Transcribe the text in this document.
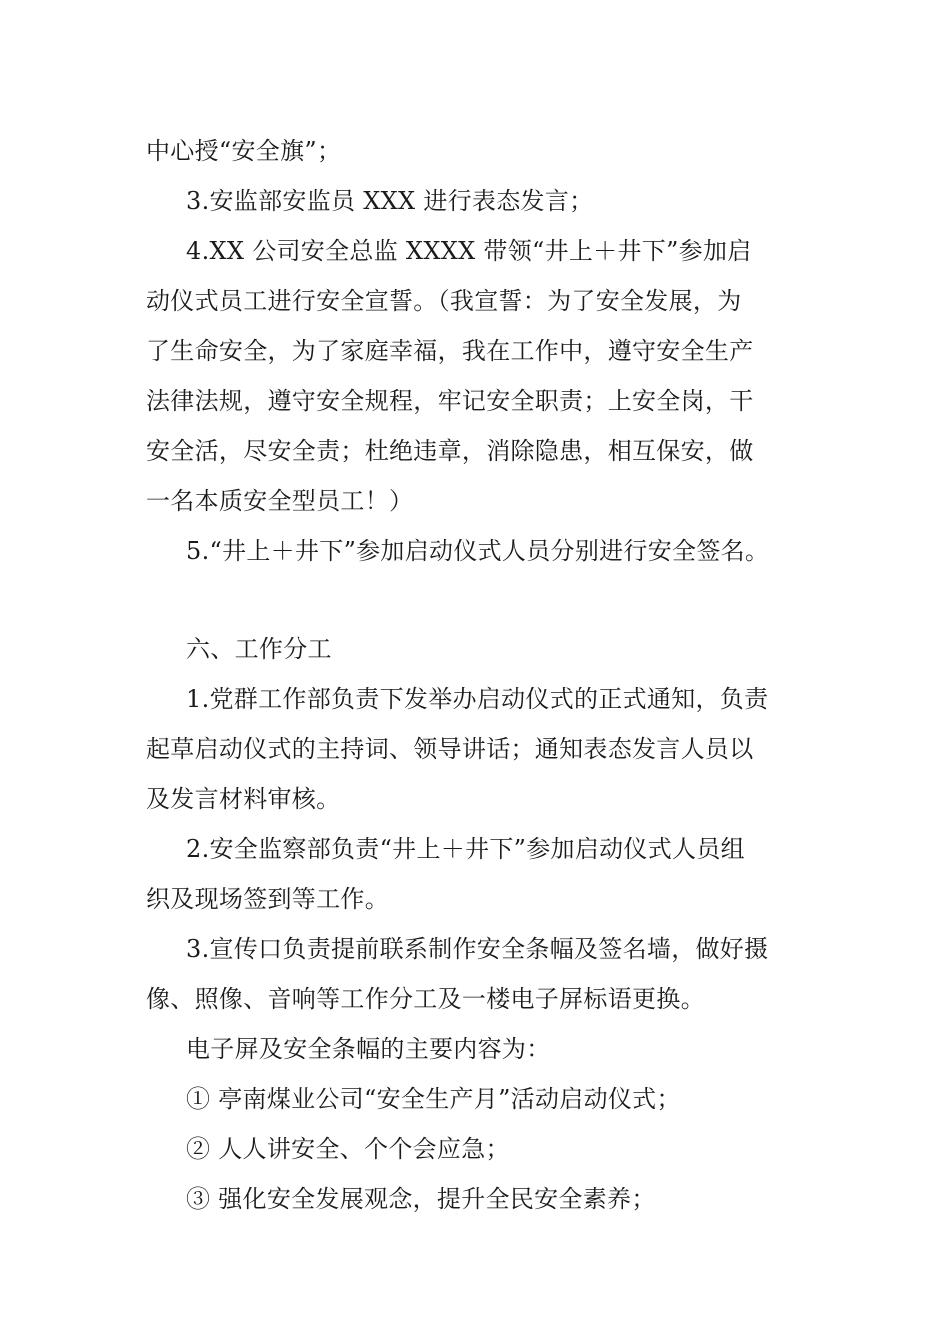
中心授“安全旗”；
3.安监部安监员 XXX 进行表态发言；
4.XX 公司安全总监 XXXX 带领“井上＋井下”参加启
动仪式员工进行安全宣誓。（我宣誓：为了安全发展，为
了生命安全，为了家庭幸福，我在工作中，遵守安全生产
法律法规，遵守安全规程，牢记安全职责；上安全岗，干
安全活，尽安全责；杜绝违章，消除隐患，相互保安，做
一名本质安全型员工！）
5.“井上＋井下”参加启动仪式人员分别进行安全签名。
六、工作分工
1.党群工作部负责下发举办启动仪式的正式通知，负责
起草启动仪式的主持词、领导讲话；通知表态发言人员以
及发言材料审核。
2.安全监察部负责“井上＋井下”参加启动仪式人员组
织及现场签到等工作。
3.宣传口负责提前联系制作安全条幅及签名墙，做好摄
像、照像、音响等工作分工及一楼电子屏标语更换。
电子屏及安全条幅的主要内容为：
① 亭南煤业公司“安全生产月”活动启动仪式；
② 人人讲安全、个个会应急；
③ 强化安全发展观念，提升全民安全素养；
